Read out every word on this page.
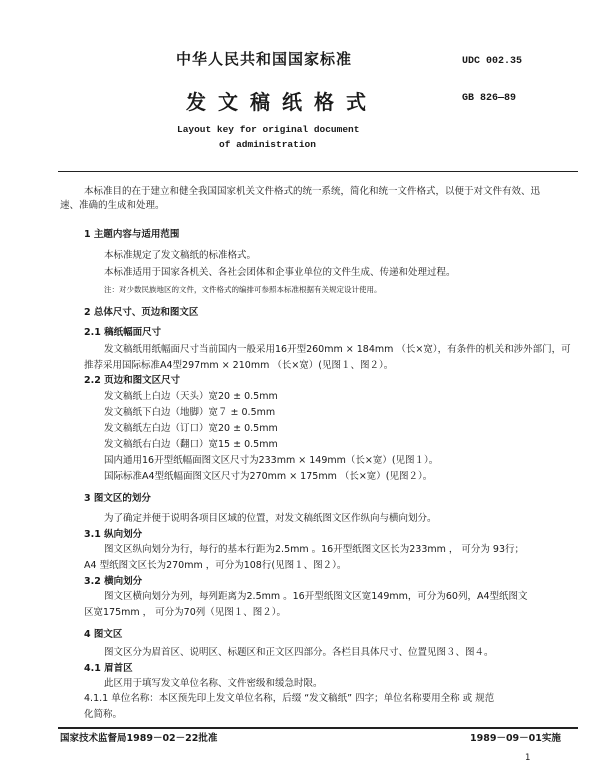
中华人民共和国国家标准	UDC 002.35
发文稿纸格式	GB 826—89
Layout key for original document
of administration
本标准目的在于建立和健全我国国家机关文件格式的统一系统，简化和统一文件格式，以便于对文件有效、迅速、准确的生成和处理。
1 主题内容与适用范围
本标准规定了发文稿纸的标准格式。
本标准适用于国家各机关、各社会团体和企事业单位的文件生成、传递和处理过程。
注：对少数民族地区的文件，文件格式的编排可参照本标准根据有关规定设计使用。
2 总体尺寸、页边和图文区
2.1 稿纸幅面尺寸
发文稿纸用纸幅面尺寸当前国内一般采用16开型260mm × 184mm （长×宽），有条件的机关和涉外部门，可推荐采用国际标准A4型297mm × 210mm （长×宽）(见图１、图２）。
2.2 页边和图文区尺寸
发文稿纸上白边（天头）宽20 ± 0.5mm
发文稿纸下白边（地脚）宽７ ± 0.5mm
发文稿纸左白边（订口）宽20 ± 0.5mm
发文稿纸右白边（翻口）宽15 ± 0.5mm
国内通用16开型纸幅面图文区尺寸为233mm × 149mm（长×宽）(见图１）。
国际标准A4型纸幅面图文区尺寸为270mm × 175mm （长×宽）(见图２）。
3 图文区的划分
为了确定并便于说明各项目区域的位置，对发文稿纸图文区作纵向与横向划分。
3.1 纵向划分
图文区纵向划分为行，每行的基本行距为2.5mm 。16开型纸图文区长为233mm ， 可分为 93行；
A4 型纸图文区长为270mm ，可分为108行(见图１、图２）。
3.2 横向划分
图文区横向划分为列，每列距离为2.5mm 。16开型纸图文区宽149mm，可分为60列，A4型纸图文
区宽175mm ， 可分为70列（见图１、图２）。
4 图文区
图文区分为眉首区、说明区、标题区和正文区四部分。各栏目具体尺寸、位置见图３、图４。
4.1 眉首区
此区用于填写发文单位名称、文件密级和缓急时限。
4.1.1 单位名称：本区预先印上发文单位名称，后缀 “发文稿纸” 四字；单位名称要用全称 或 规范
化简称。
国家技术监督局1989－02－22批准	1989－09－01实施
1
